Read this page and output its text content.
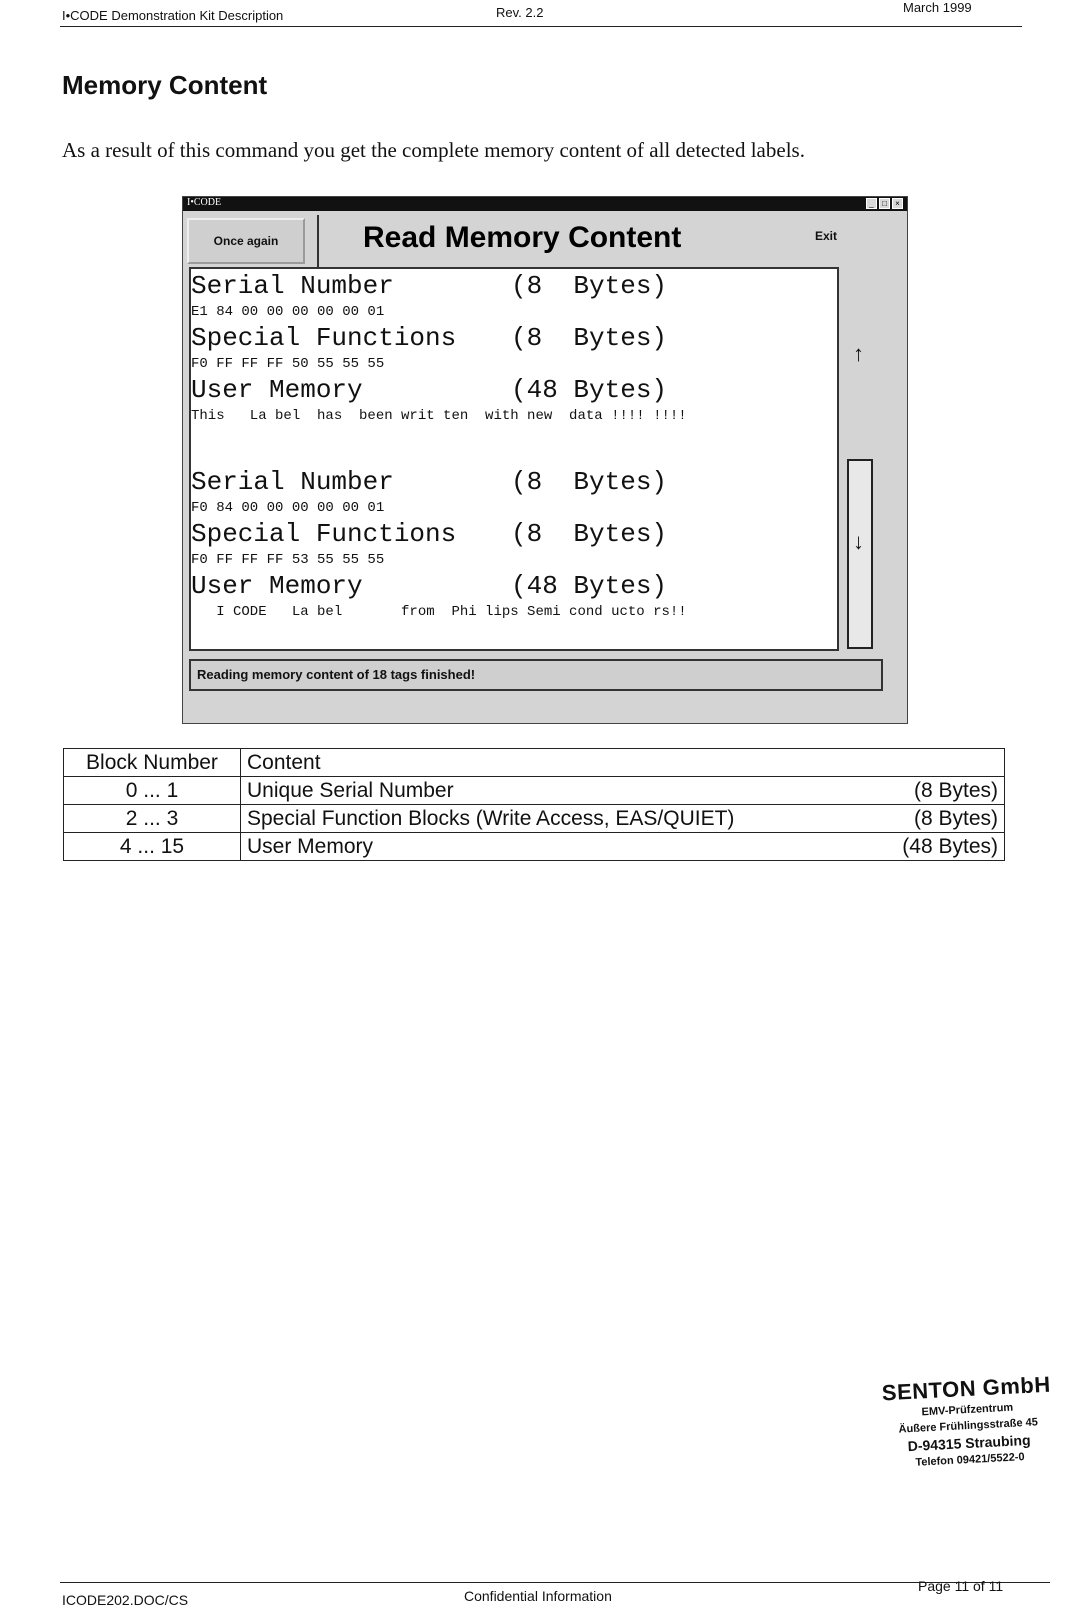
I•CODE Demonstration Kit Description	Rev. 2.2	March 1999
Memory Content
As a result of this command you get the complete memory content of all detected labels.
I•CODE	_	□	×
Once again	Read Memory Content	Exit
Serial Number	(8  Bytes)
E1 84 00 00 00 00 00 01
Special Functions	(8  Bytes)
F0 FF FF FF 50 55 55 55
User Memory	(48 Bytes)
This   La bel  has  been writ ten  with new  data !!!! !!!!
Serial Number	(8  Bytes)
F0 84 00 00 00 00 00 01
Special Functions	(8  Bytes)
F0 FF FF FF 53 55 55 55
User Memory	(48 Bytes)
I CODE   La bel       from  Phi lips Semi cond ucto rs!!
↑
↓
Reading memory content of 18 tags finished!
Block Number	Content
0 ... 1	Unique Serial Number (8 Bytes)

2 ... 3	Special Function Blocks (Write Access, EAS/QUIET) (8 Bytes)

4 ... 15	User Memory (48 Bytes)
SENTON GmbH
EMV-Prüfzentrum
Äußere Frühlingsstraße 45
D-94315 Straubing
Telefon 09421/5522-0
ICODE202.DOC/CS	Confidential Information
Page 11 of 11
